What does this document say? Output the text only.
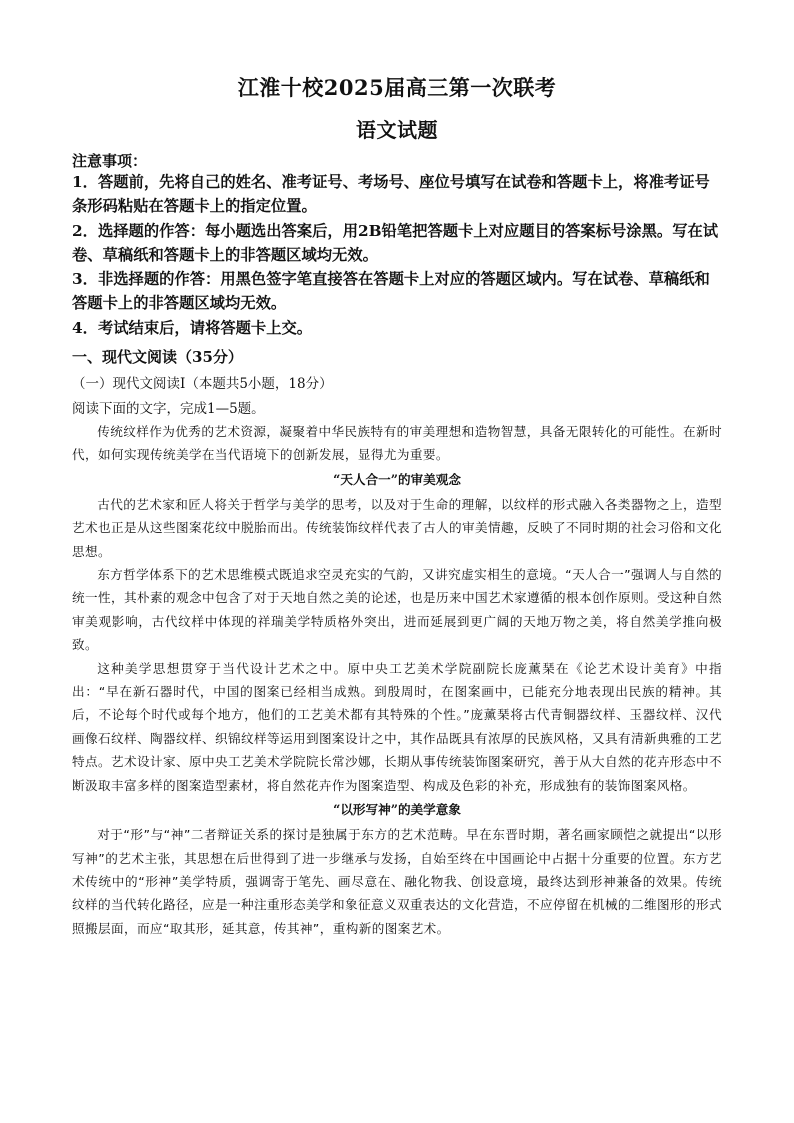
江淮十校2025届高三第一次联考
语文试题
注意事项：

1．答题前，先将自己的姓名、准考证号、考场号、座位号填写在试卷和答题卡上，将准考证号条形码粘贴在答题卡上的指定位置。

2．选择题的作答：每小题选出答案后，用2B铅笔把答题卡上对应题目的答案标号涂黑。写在试卷、草稿纸和答题卡上的非答题区域均无效。

3．非选择题的作答：用黑色签字笔直接答在答题卡上对应的答题区域内。写在试卷、草稿纸和答题卡上的非答题区域均无效。

4．考试结束后，请将答题卡上交。

一、现代文阅读（35分）
（一）现代文阅读Ⅰ（本题共5小题，18分）
阅读下面的文字，完成1—5题。

传统纹样作为优秀的艺术资源，凝聚着中华民族特有的审美理想和造物智慧，具备无限转化的可能性。在新时代，如何实现传统美学在当代语境下的创新发展，显得尤为重要。

“天人合一”的审美观念

古代的艺术家和匠人将关于哲学与美学的思考，以及对于生命的理解，以纹样的形式融入各类器物之上，造型艺术也正是从这些图案花纹中脱胎而出。传统装饰纹样代表了古人的审美情趣，反映了不同时期的社会习俗和文化思想。

东方哲学体系下的艺术思维模式既追求空灵充实的气韵，又讲究虚实相生的意境。“天人合一”强调人与自然的统一性，其朴素的观念中包含了对于天地自然之美的论述，也是历来中国艺术家遵循的根本创作原则。受这种自然审美观影响，古代纹样中体现的祥瑞美学特质格外突出，进而延展到更广阔的天地万物之美，将自然美学推向极致。

这种美学思想贯穿于当代设计艺术之中。原中央工艺美术学院副院长庞薰琹在《论艺术设计美育》中指出：“早在新石器时代，中国的图案已经相当成熟。到殷周时，在图案画中，已能充分地表现出民族的精神。其后，不论每个时代或每个地方，他们的工艺美术都有其特殊的个性。”庞薰琹将古代青铜器纹样、玉器纹样、汉代画像石纹样、陶器纹样、织锦纹样等运用到图案设计之中，其作品既具有浓厚的民族风格，又具有清新典雅的工艺特点。艺术设计家、原中央工艺美术学院院长常沙娜，长期从事传统装饰图案研究，善于从大自然的花卉形态中不断汲取丰富多样的图案造型素材，将自然花卉作为图案造型、构成及色彩的补充，形成独有的装饰图案风格。

“以形写神”的美学意象

对于“形”与“神”二者辩证关系的探讨是独属于东方的艺术范畴。早在东晋时期，著名画家顾恺之就提出“以形写神”的艺术主张，其思想在后世得到了进一步继承与发扬，自始至终在中国画论中占据十分重要的位置。东方艺术传统中的“形神”美学特质，强调寄于笔先、画尽意在、融化物我、创设意境，最终达到形神兼备的效果。传统纹样的当代转化路径，应是一种注重形态美学和象征意义双重表达的文化营造，不应停留在机械的二维图形的形式照搬层面，而应“取其形，延其意，传其神”，重构新的图案艺术。
